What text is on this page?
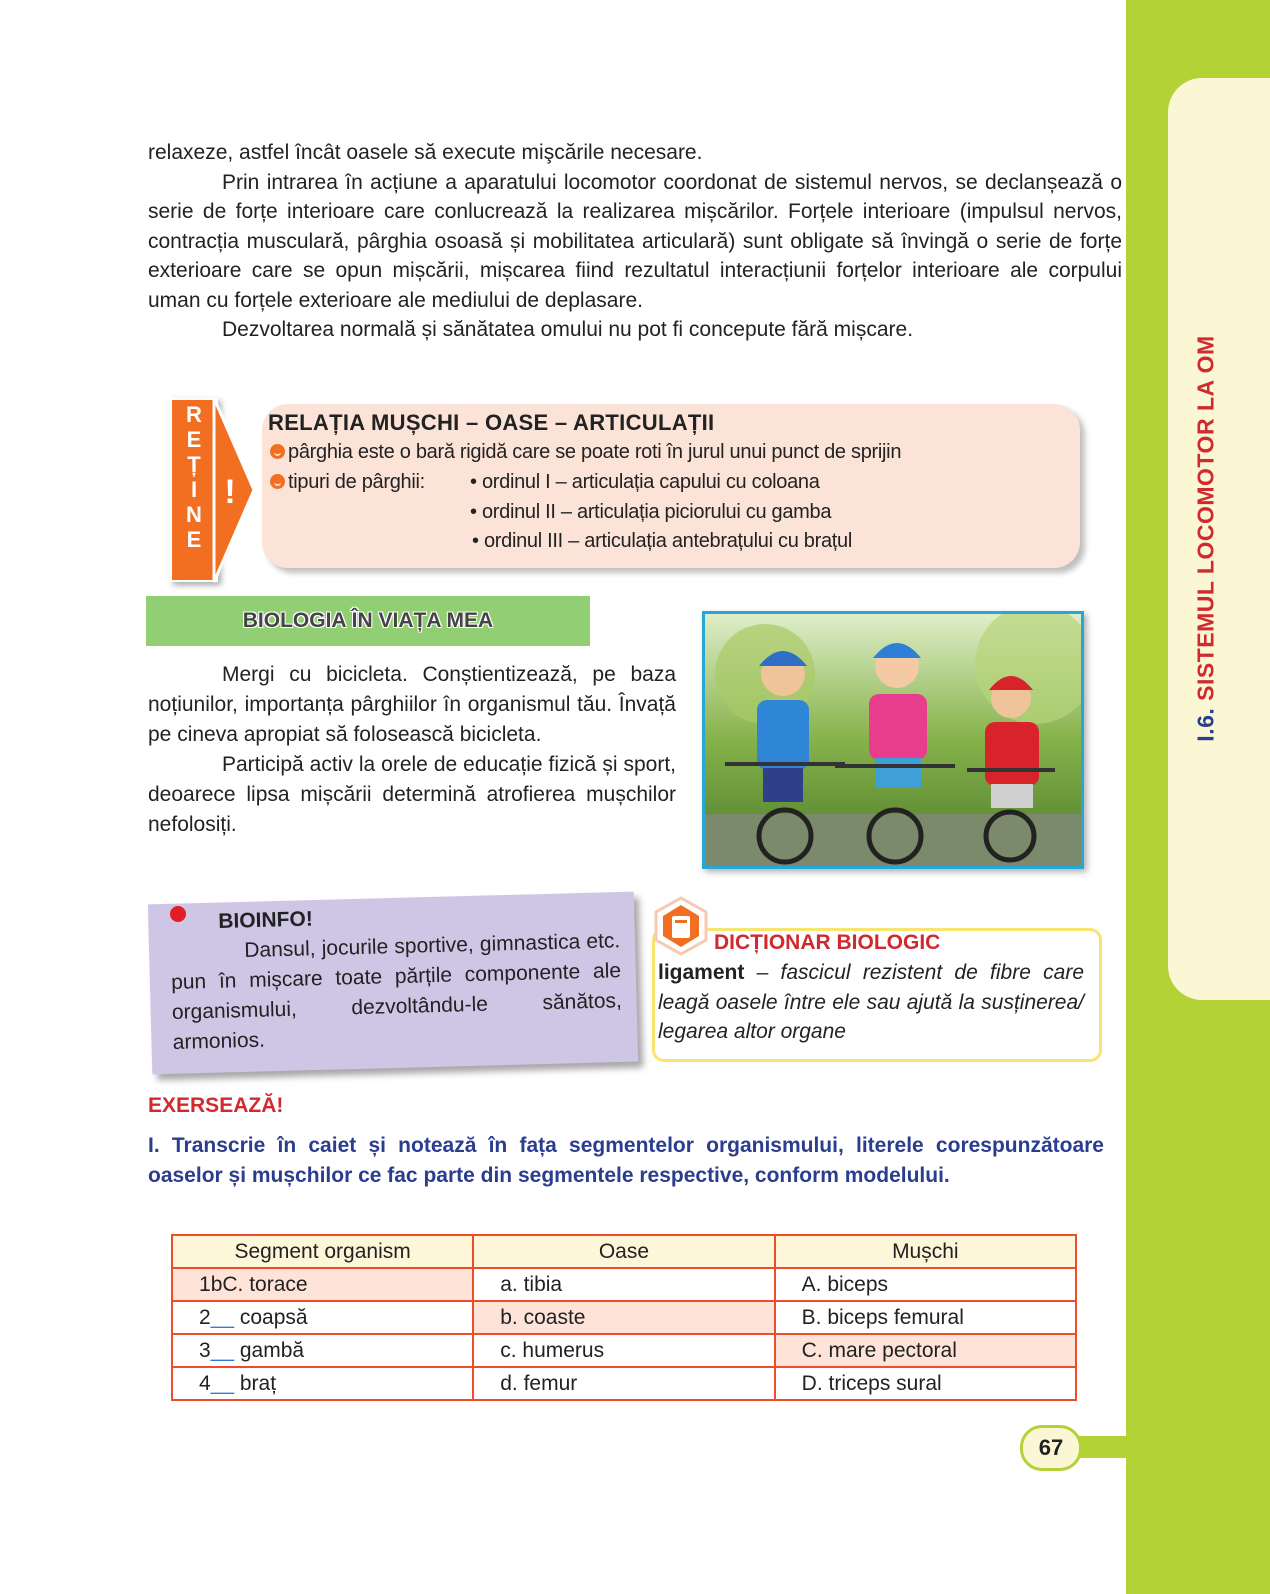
I.6. SISTEMUL LOCOMOTOR LA OM

relaxeze, astfel încât oasele să execute mişcările necesare.

Prin intrarea în acțiune a aparatului locomotor coordonat de sistemul nervos, se declanșează o serie de forțe interioare care conlucrează la realizarea mișcărilor. Forțele interioare (impulsul nervos, contracția musculară, pârghia osoasă și mobilitatea articulară) sunt obligate să învingă o serie de forțe exterioare care se opun mișcării, mișcarea fiind rezultatul interacțiunii forțelor interioare ale corpului uman cu forțele exterioare ale mediului de deplasare.

Dezvoltarea normală și sănătatea omului nu pot fi concepute fără mișcare.

R
E
Ț
I
N
E
!
RELAȚIA MUȘCHI – OASE – ARTICULAȚII
pârghia este o bară rigidă care se poate roti în jurul unui punct de sprijin
tipuri de pârghii: • ordinul I – articulația capului cu coloana
• ordinul II – articulația piciorului cu gamba
• ordinul III – articulația antebrațului cu brațul
BIOLOGIA ÎN VIAȚA MEA

Mergi cu bicicleta. Conștientizează, pe baza noțiunilor, importanța pârghiilor în organismul tău. Învață pe cineva apropiat să folosească bicicleta.

Participă activ la orele de educație fizică și sport, deoarece lipsa mișcării determină atrofierea mușchilor nefolosiți.

BIOINFO!
Dansul, jocurile sportive, gimnastica etc. pun în mișcare toate părțile componente ale organismului, dezvoltându-le sănătos, armonios.
DICȚIONAR BIOLOGIC
ligament – fascicul rezistent de fibre care leagă oasele între ele sau ajută la susținerea/ legarea altor organe
EXERSEAZĂ!
I. Transcrie în caiet și notează în fața segmentelor organismului, literele corespunzătoare oaselor și mușchilor ce fac parte din segmentele respective, conform modelului.
Segment organism	Oase	Mușchi
1bC. torace	a. tibia	A. biceps
2__ coapsă	b. coaste	B. biceps femural
3__ gambă	c. humerus	C. mare pectoral
4__ braț	d. femur	D. triceps sural
67
